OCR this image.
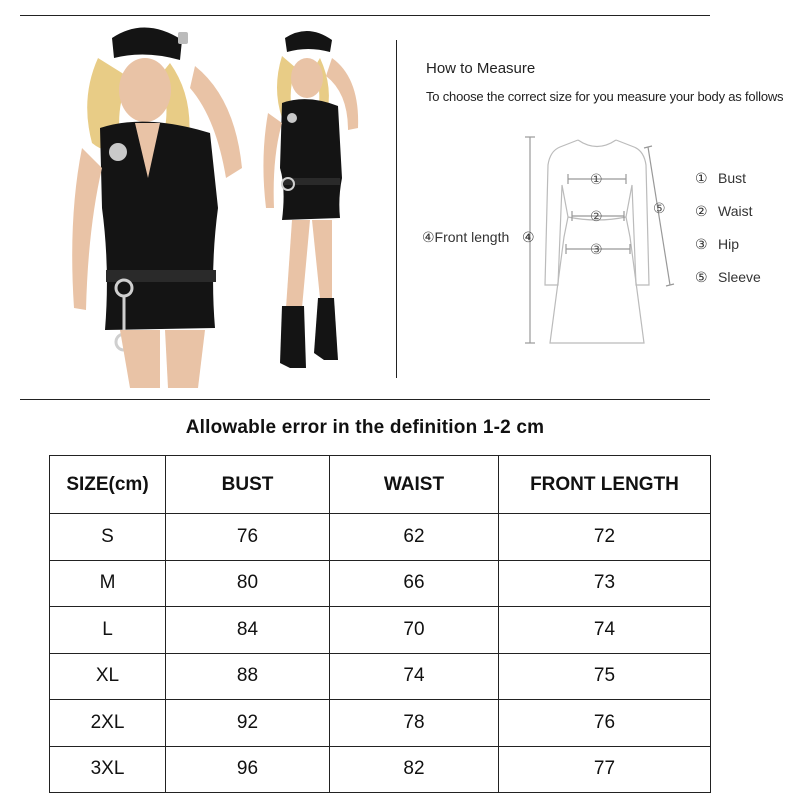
How to Measure
To choose the correct size for you measure your body as follows
④Front length ④
①
②
③
⑤
① Bust
② Waist
③ Hip
⑤ Sleeve
Allowable error in the definition 1-2 cm
SIZE(cm)	BUST	WAIST	FRONT LENGTH
S	76	62	72
M	80	66	73
L	84	70	74
XL	88	74	75
2XL	92	78	76
3XL	96	82	77
